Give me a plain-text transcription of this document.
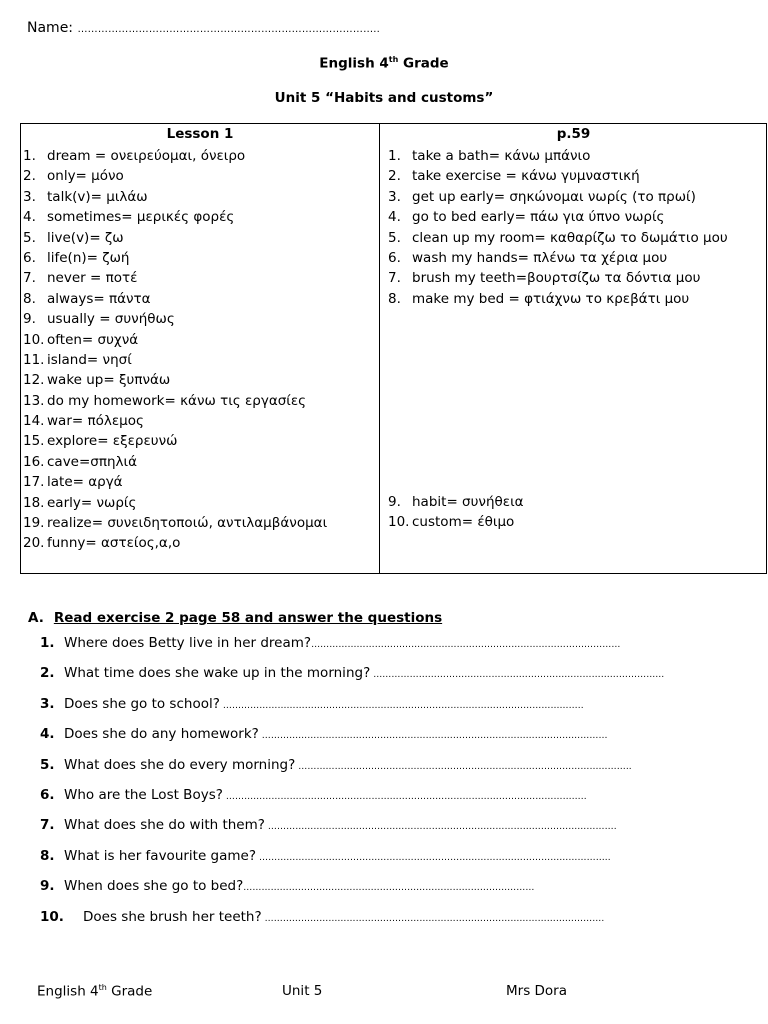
Name: ……………………………………………………………………………..
English 4th Grade
Unit 5 “Habits and customs”
Lesson 1	p.59
1. dream = ονειρεύομαι, όνειρο
2. only= μόνο
3. talk(v)= μιλάω
4. sometimes= μερικές φορές
5. live(v)= ζω
6. life(n)= ζωή
7. never = ποτέ
8. always= πάντα
9. usually = συνήθως
10. often= συχνά
11. island= νησί
12. wake up= ξυπνάω
13. do my homework= κάνω τις εργασίες
14. war= πόλεμος
15. explore= εξερευνώ
16. cave=σπηλιά
17. late= αργά
18. early= νωρίς
19. realize= συνειδητοποιώ, αντιλαμβάνομαι
20. funny= αστείος,α,ο
1. take a bath= κάνω μπάνιο
2. take exercise = κάνω γυμναστική
3. get up early= σηκώνομαι νωρίς (το πρωί)
4. go to bed early= πάω για ύπνο νωρίς
5. clean up my room= καθαρίζω το δωμάτιο μου
6. wash my hands= πλένω τα χέρια μου
7. brush my teeth=βουρτσίζω τα δόντια μου
8. make my bed = φτιάχνω το κρεβάτι μου
9. habit= συνήθεια
10. custom= έθιμο
A. Read exercise 2 page 58 and answer the questions
1. Where does Betty live in her dream?…………………………………………………………………………………………
2. What time does she wake up in the morning? ……………………………………………………………………………………
3. Does she go to school? ………………………………………………………………………………………………………..
4. Does she do any homework? ……………………………………………………………………………………………………
5. What does she do every morning? ………………………………………………………………………………………………..
6. Who are the Lost Boys? ………………………………………………………………………………………………………..
7. What does she do with them? …………………………………………………………………………………………………….
8. What is her favourite game? ……………………………………………………………………………………………………..
9. When does she go to bed?……………………………………………………………………………………
10. Does she brush her teeth? ………………………………………………………………………………………………….
English 4th Grade	Unit 5	Mrs Dora
